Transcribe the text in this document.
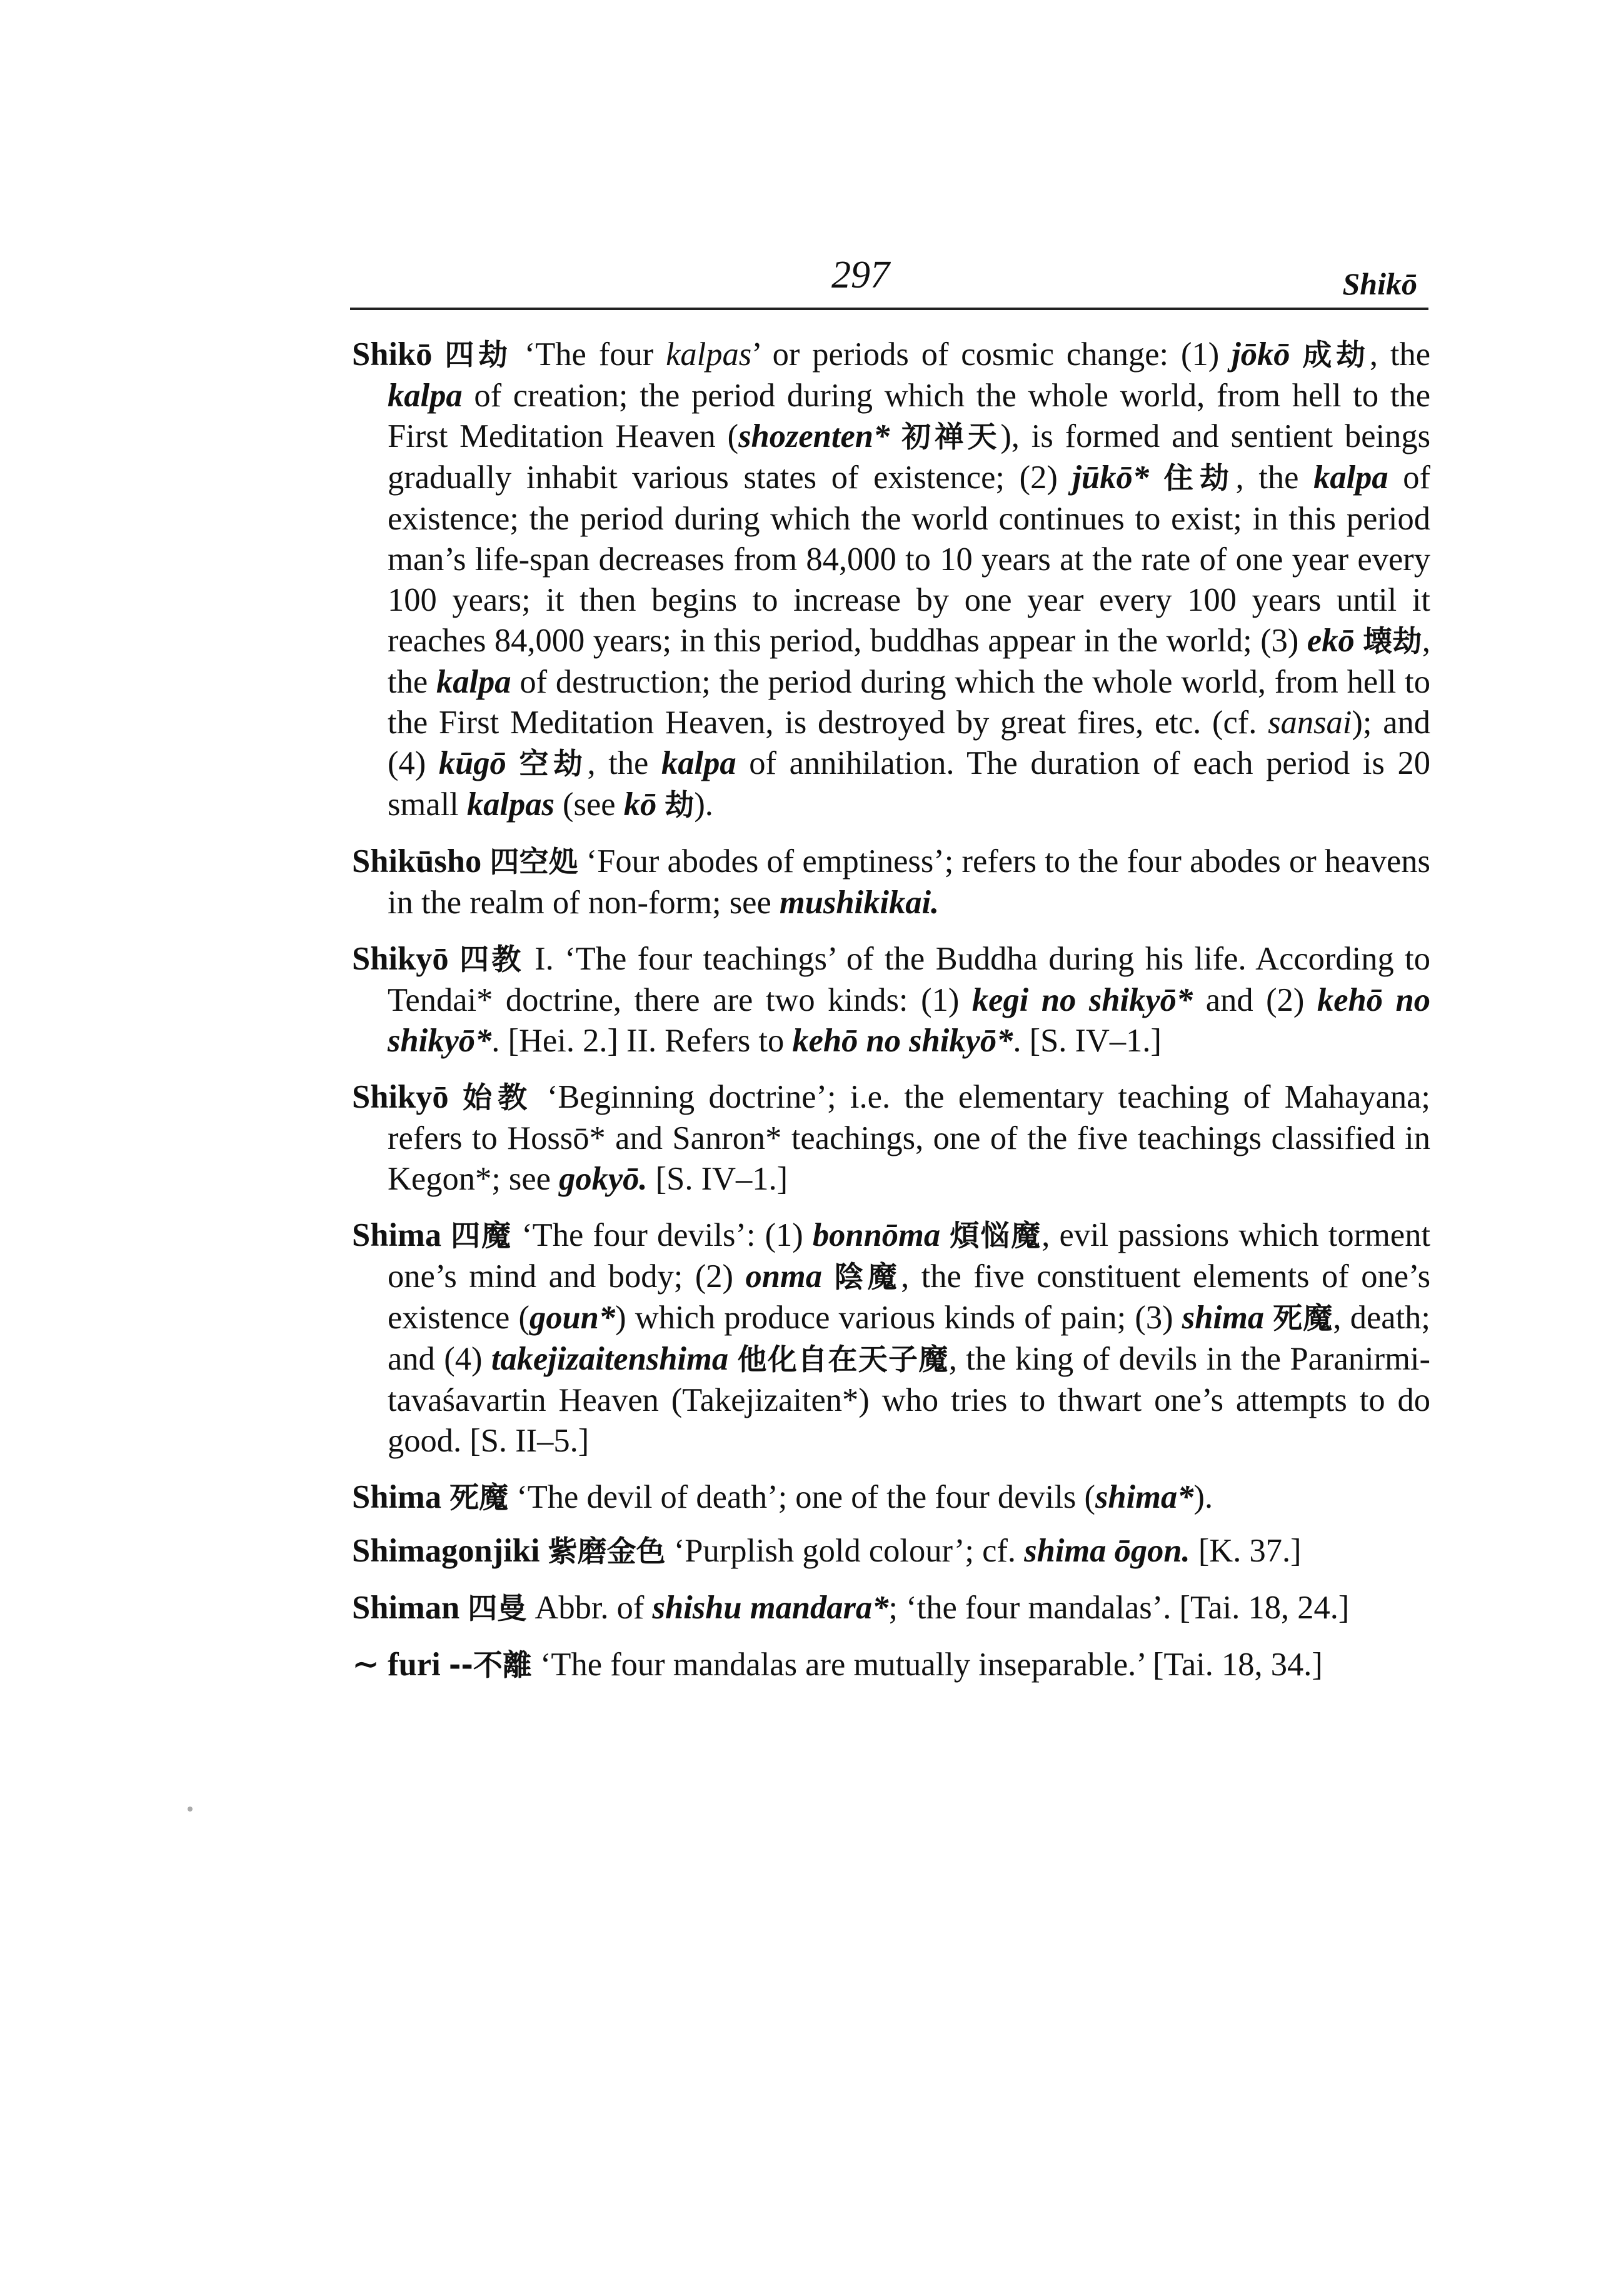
297	Shikō

Shikō 四劫 ‘The four kalpas’ or periods of cosmic change: (1) jōkō 成劫, the kalpa of creation; the period during which the whole world, from hell to the First Meditation Heaven (shozenten* 初禅天), is formed and sentient beings gradually inhabit various states of existence; (2) jūkō* 住劫, the kalpa of existence; the period during which the world continues to exist; in this period man’s life-span decreases from 84,000 to 10 years at the rate of one year every 100 years; it then begins to increase by one year every 100 years until it reaches 84,000 years; in this period, buddhas appear in the world; (3) ekō 壊劫, the kalpa of destruction; the period during which the whole world, from hell to the First Meditation Heaven, is destroyed by great fires, etc. (cf. sansai); and (4) kūgō 空劫, the kalpa of annihilation. The duration of each period is 20 small kalpas (see kō 劫).

Shikūsho 四空処 ‘Four abodes of emptiness’; refers to the four abodes or heavens in the realm of non-form; see mushikikai.

Shikyō 四教 I. ‘The four teachings’ of the Buddha during his life. According to Tendai* doctrine, there are two kinds: (1) kegi no shikyō* and (2) kehō no shikyō*. [Hei. 2.] II. Refers to kehō no shikyō*. [S. IV–1.]

Shikyō 始教 ‘Beginning doctrine’; i.e. the elementary teaching of Mahayana; refers to Hossō* and Sanron* teachings, one of the five teachings classified in Kegon*; see gokyō. [S. IV–1.]

Shima 四魔 ‘The four devils’: (1) bonnōma 煩悩魔, evil passions which torment one’s mind and body; (2) onma 陰魔, the five constituent elements of one’s existence (goun*) which produce various kinds of pain; (3) shima 死魔, death; and (4) takejizaitenshima 他化自在天子魔, the king of devils in the Paranirmitavaśavartin Heaven (Takejizaiten*) who tries to thwart one’s attempts to do good. [S. II–5.]

Shima 死魔 ‘The devil of death’; one of the four devils (shima*).

Shimagonjiki 紫磨金色 ‘Purplish gold colour’; cf. shima ōgon. [K. 37.]

Shiman 四曼 Abbr. of shishu mandara*; ‘the four mandalas’. [Tai. 18, 24.]

∼ furi --不離 ‘The four mandalas are mutually inseparable.’ [Tai. 18, 34.]
